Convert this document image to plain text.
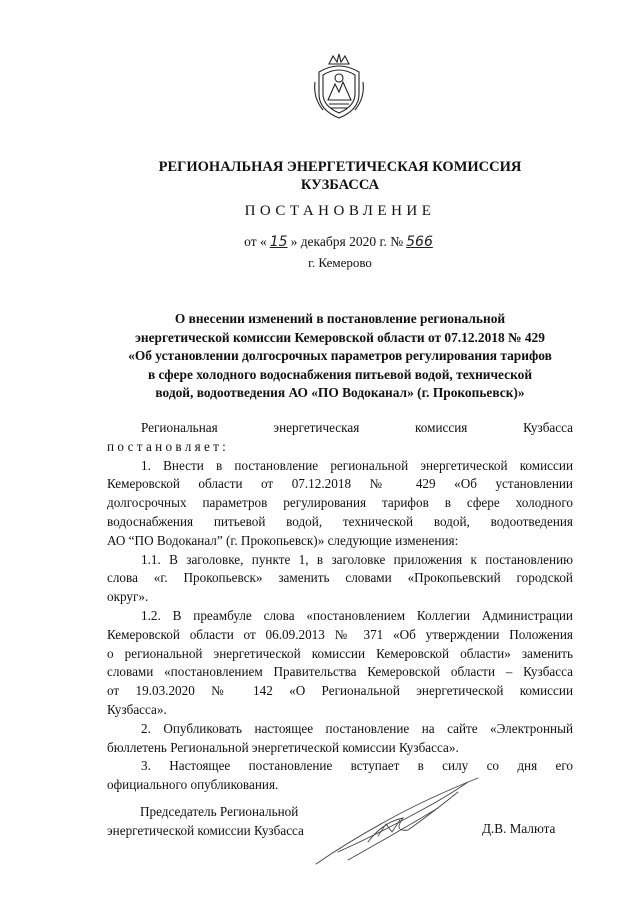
РЕГИОНАЛЬНАЯ ЭНЕРГЕТИЧЕСКАЯ КОМИССИЯ
КУЗБАССА
ПОСТАНОВЛЕНИЕ
от « 15 » декабря 2020 г. № 566
г. Кемерово
О внесении изменений в постановление региональной
энергетической комиссии Кемеровской области от 07.12.2018 № 429
«Об установлении долгосрочных параметров регулирования тарифов
в сфере холодного водоснабжения питьевой водой, технической
водой, водоотведения АО «ПО Водоканал» (г. Прокопьевск)»
Региональная энергетическая комиссия Кузбасса
постановляет:
1. Внести в постановление региональной энергетической комиссии
Кемеровской области от 07.12.2018 № 429 «Об установлении
долгосрочных параметров регулирования тарифов в сфере холодного
водоснабжения питьевой водой, технической водой, водоотведения
АО “ПО Водоканал” (г. Прокопьевск)» следующие изменения:
1.1. В заголовке, пункте 1, в заголовке приложения к постановлению
слова «г. Прокопьевск» заменить словами «Прокопьевский городской
округ».
1.2. В преамбуле слова «постановлением Коллегии Администрации
Кемеровской области от 06.09.2013 № 371 «Об утверждении Положения
о региональной энергетической комиссии Кемеровской области» заменить
словами «постановлением Правительства Кемеровской области – Кузбасса
от 19.03.2020 № 142 «О Региональной энергетической комиссии
Кузбасса».
2. Опубликовать настоящее постановление на сайте «Электронный
бюллетень Региональной энергетической комиссии Кузбасса».
3. Настоящее постановление вступает в силу со дня его
официального опубликования.
Председатель Региональной
энергетической комиссии Кузбасса	Д.В. Малюта
